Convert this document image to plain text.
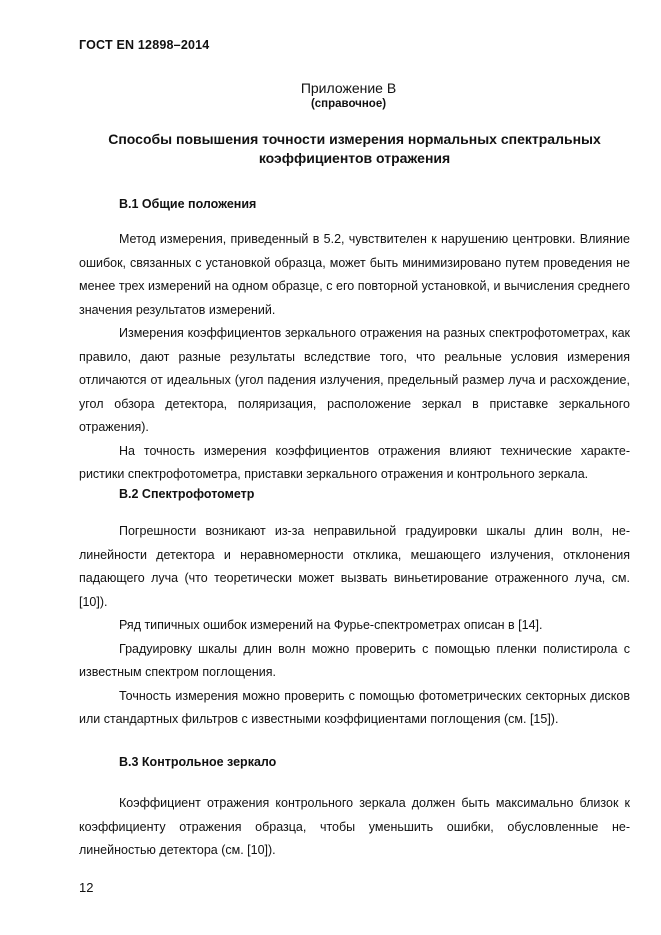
ГОСТ EN 12898–2014
Приложение В
(справочное)
Способы повышения точности измерения нормальных спектральных
коэффициентов отражения
В.1 Общие положения

Метод измерения, приведенный в 5.2, чувствителен к нарушению центровки. Влияние ошибок, связанных с установкой образца, может быть минимизировано путем проведения не менее трех измерений на одном образце, с его повторной установкой, и вычисления среднего значения результатов измерений.

Измерения коэффициентов зеркального отражения на разных спектрофотометрах, как правило, дают разные результаты вследствие того, что реальные условия измерения отличаются от идеальных (угол падения излучения, предельный размер луча и расхождение, угол обзора детектора, поляризация, расположение зеркал в приставке зеркального отражения).

На точность измерения коэффициентов отражения влияют технические характеристики спектрофотометра, приставки зеркального отражения и контрольного зеркала.

В.2 Спектрофотометр

Погрешности возникают из-за неправильной градуировки шкалы длин волн, нелинейности детектора и неравномерности отклика, мешающего излучения, отклонения падающего луча (что теоретически может вызвать виньетирование отраженного луча, см. [10]).

Ряд типичных ошибок измерений на Фурье-спектрометрах описан в [14].

Градуировку шкалы длин волн можно проверить с помощью пленки полистирола с известным спектром поглощения.

Точность измерения можно проверить с помощью фотометрических секторных дисков или стандартных фильтров с известными коэффициентами поглощения (см. [15]).

В.3 Контрольное зеркало

Коэффициент отражения контрольного зеркала должен быть максимально близок к коэффициенту отражения образца, чтобы уменьшить ошибки, обусловленные нелинейностью детектора (см. [10]).

12
